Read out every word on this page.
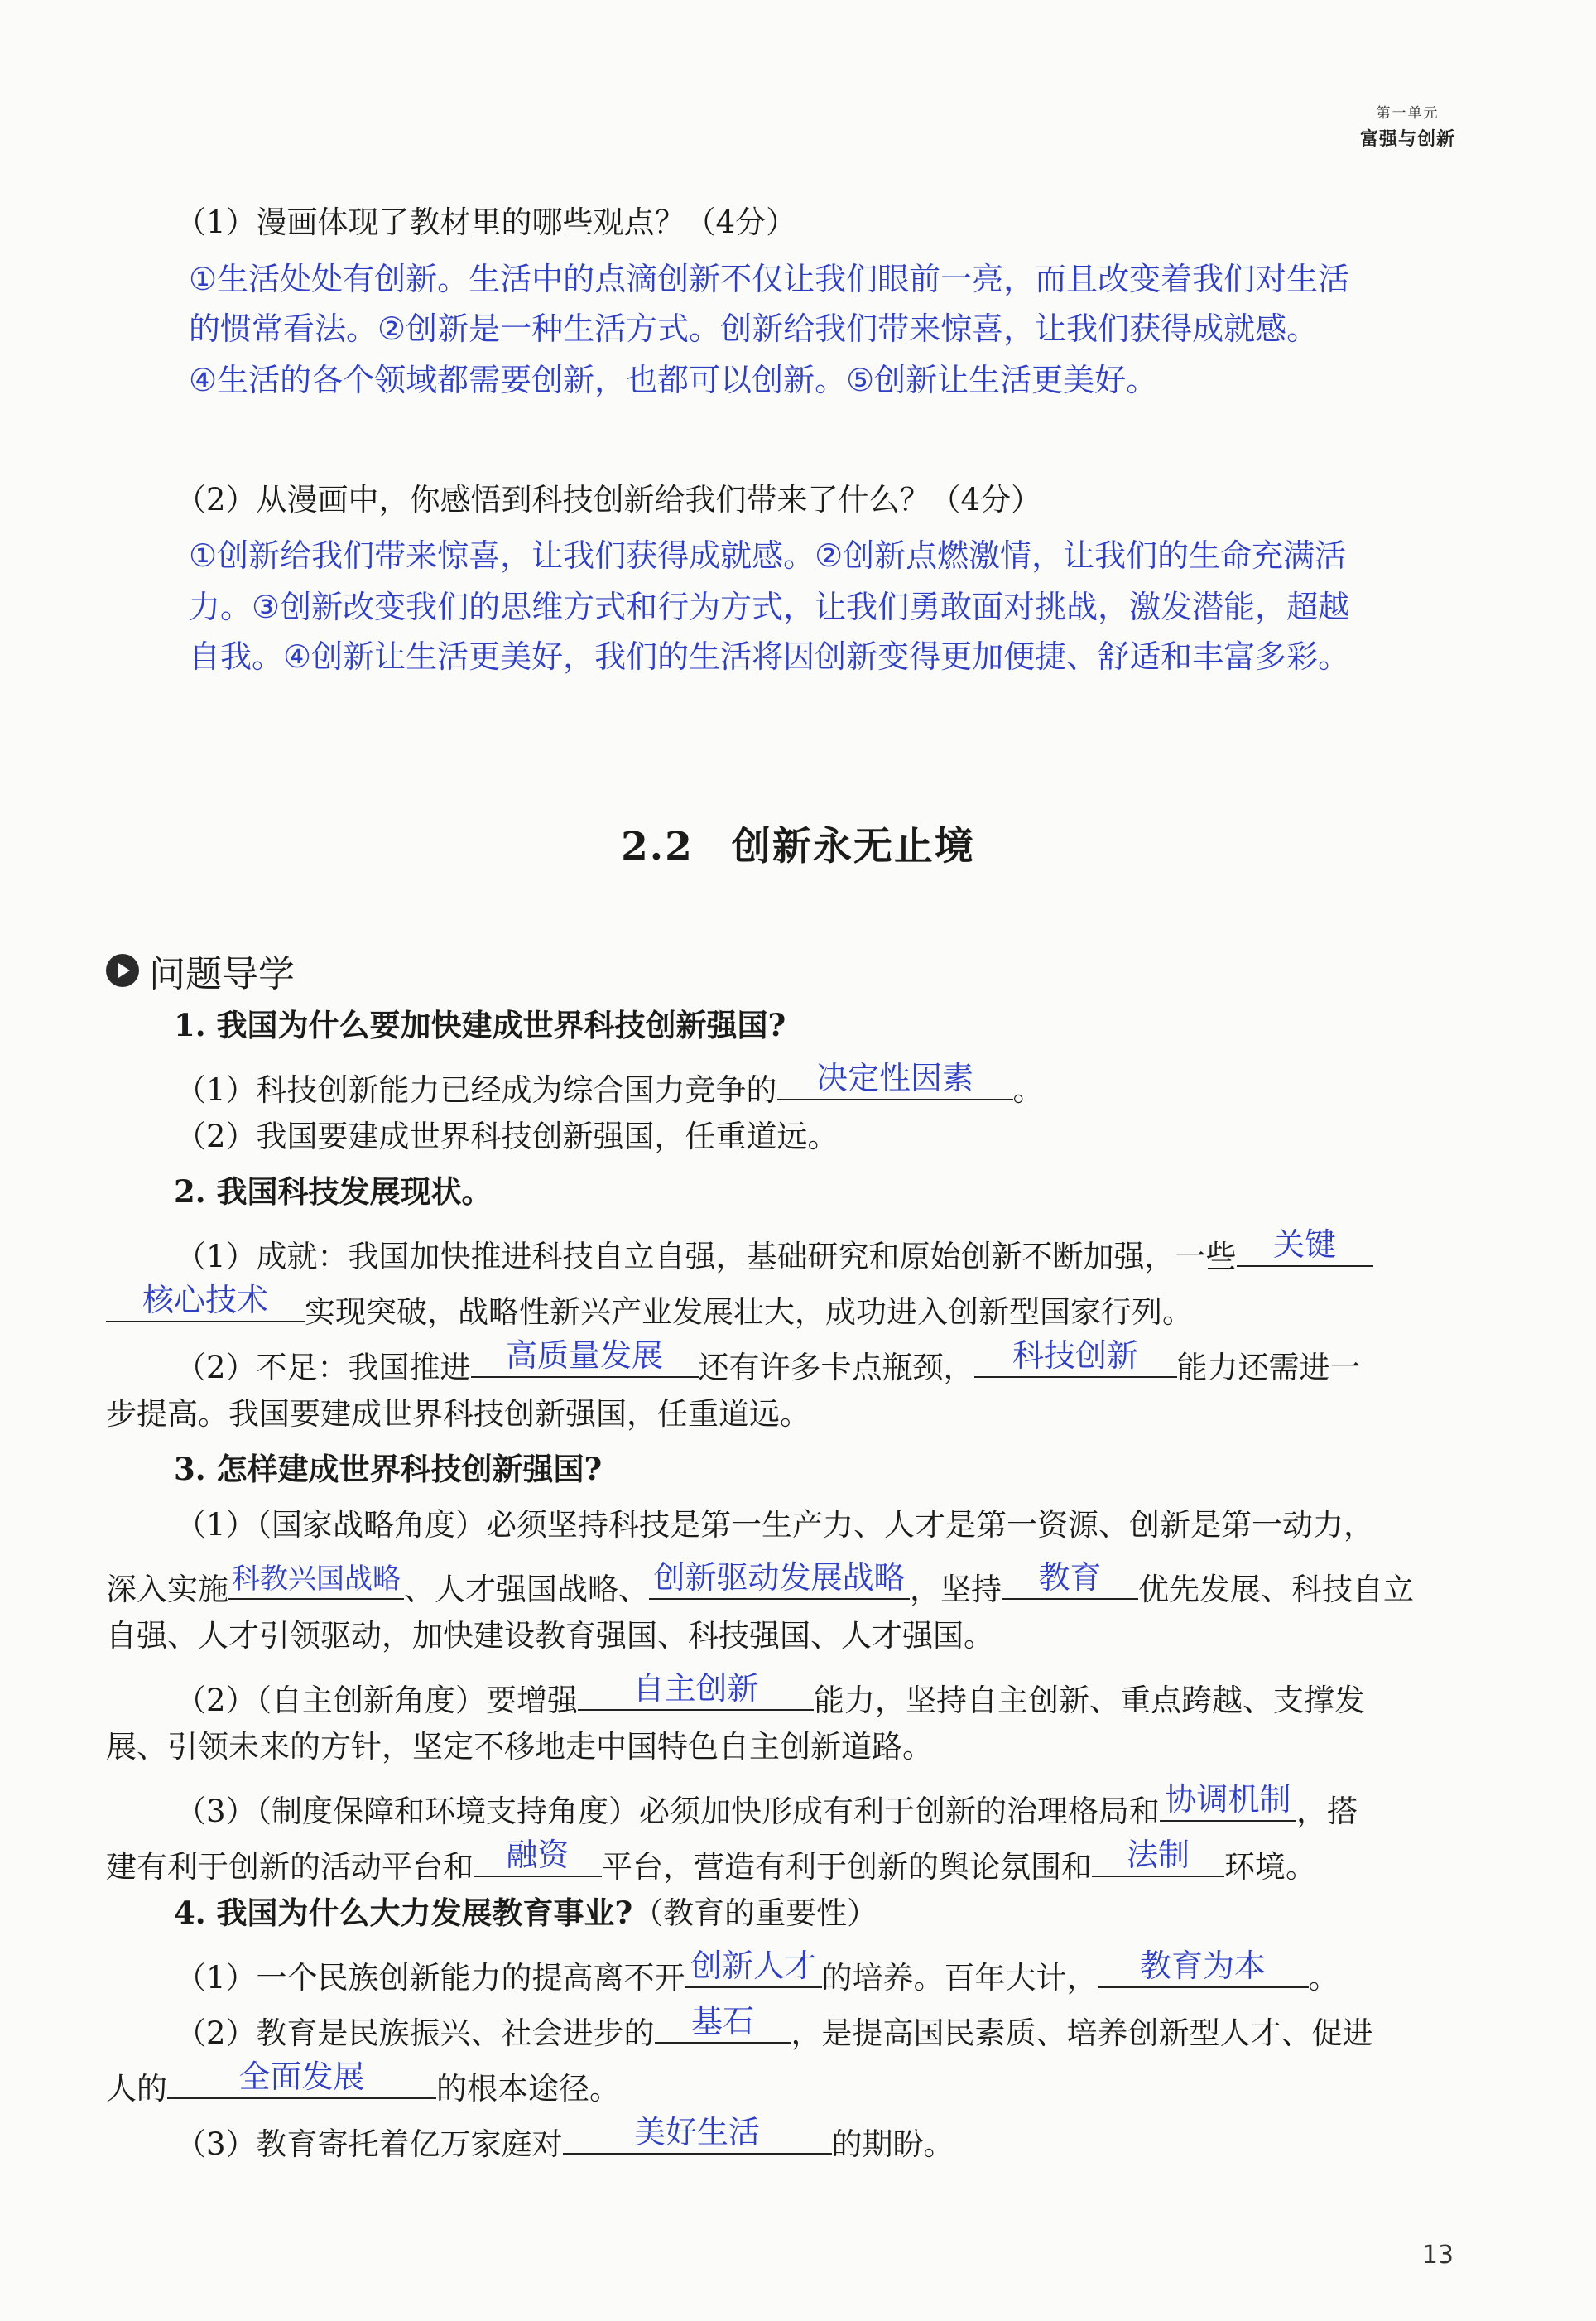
第一单元
富强与创新
（1）漫画体现了教材里的哪些观点？（4分）
①生活处处有创新。生活中的点滴创新不仅让我们眼前一亮，而且改变着我们对生活
的惯常看法。②创新是一种生活方式。创新给我们带来惊喜，让我们获得成就感。
④生活的各个领域都需要创新，也都可以创新。⑤创新让生活更美好。
（2）从漫画中，你感悟到科技创新给我们带来了什么？（4分）
①创新给我们带来惊喜，让我们获得成就感。②创新点燃激情，让我们的生命充满活
力。③创新改变我们的思维方式和行为方式，让我们勇敢面对挑战，激发潜能，超越
自我。④创新让生活更美好，我们的生活将因创新变得更加便捷、舒适和丰富多彩。
2.2 创新永无止境
问题导学
1. 我国为什么要加快建成世界科技创新强国?
（1）科技创新能力已经成为综合国力竞争的	决定性因素	。
（2）我国要建成世界科技创新强国，任重道远。
2. 我国科技发展现状。
（1）成就：我国加快推进科技自立自强，基础研究和原始创新不断加强，一些	关键
核心技术	实现突破，战略性新兴产业发展壮大，成功进入创新型国家行列。
（2）不足：我国推进	高质量发展	还有许多卡点瓶颈，	科技创新	能力还需进一
步提高。我国要建成世界科技创新强国，任重道远。
3. 怎样建成世界科技创新强国?
（1）（国家战略角度）必须坚持科技是第一生产力、人才是第一资源、创新是第一动力，
深入实施 科教兴国战略 、人才强国战略、 创新驱动发展战略 ，坚持	教育	优先发展、科技自立
自强、人才引领驱动，加快建设教育强国、科技强国、人才强国。
（2）（自主创新角度）要增强	自主创新	能力，坚持自主创新、重点跨越、支撑发
展、引领未来的方针，坚定不移地走中国特色自主创新道路。
（3）（制度保障和环境支持角度）必须加快形成有利于创新的治理格局和 协调机制 ，搭
建有利于创新的活动平台和	融资	平台，营造有利于创新的舆论氛围和	法制	环境。
4. 我国为什么大力发展教育事业?（教育的重要性）
（1）一个民族创新能力的提高离不开 创新人才 的培养。百年大计，	教育为本	。
（2）教育是民族振兴、社会进步的	基石	，是提高国民素质、培养创新型人才、促进
人的	全面发展	的根本途径。
（3）教育寄托着亿万家庭对	美好生活	的期盼。
13
